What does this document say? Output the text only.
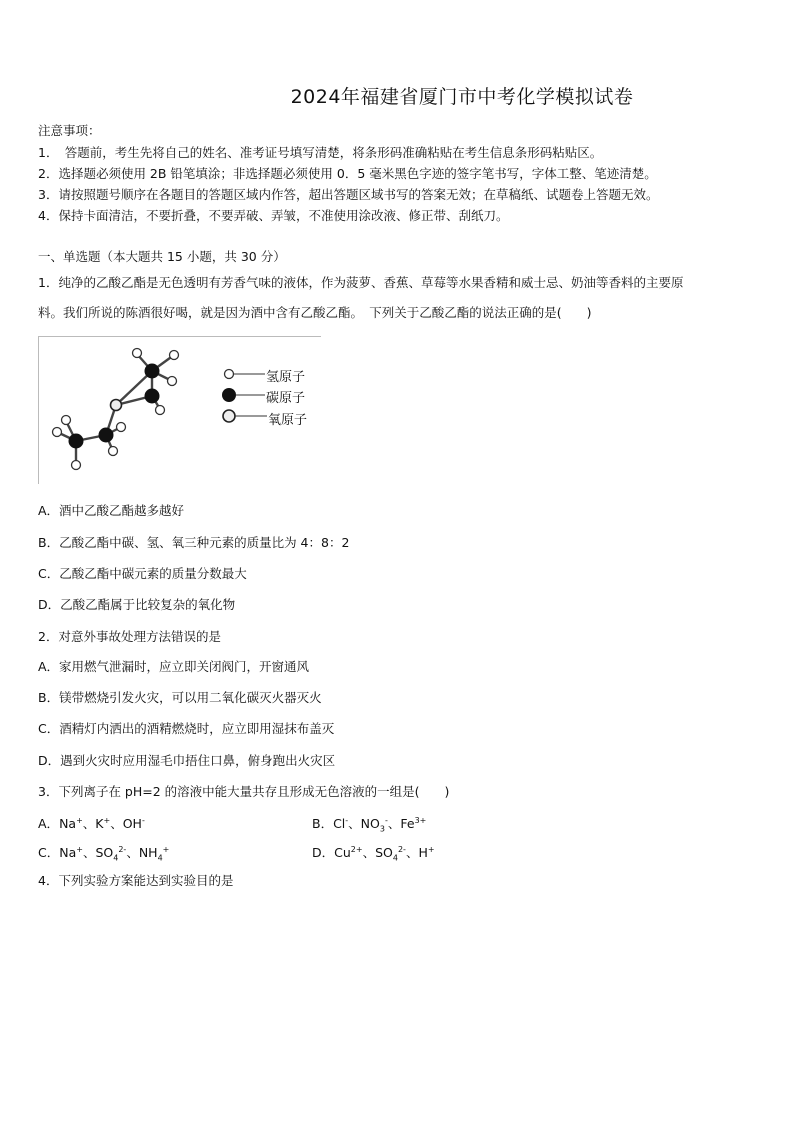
2024年福建省厦门市中考化学模拟试卷
注意事项：
1．　答题前，考生先将自己的姓名、准考证号填写清楚，将条形码准确粘贴在考生信息条形码粘贴区。
2．选择题必须使用 2B 铅笔填涂；非选择题必须使用 0．5 毫米黑色字迹的签字笔书写，字体工整、笔迹清楚。
3．请按照题号顺序在各题目的答题区域内作答，超出答题区域书写的答案无效；在草稿纸、试题卷上答题无效。
4．保持卡面清洁，不要折叠，不要弄破、弄皱，不准使用涂改液、修正带、刮纸刀。
一、单选题（本大题共 15 小题，共 30 分）
1．纯净的乙酸乙酯是无色透明有芳香气味的液体，作为菠萝、香蕉、草莓等水果香精和威士忌、奶油等香料的主要原
料。我们所说的陈酒很好喝，就是因为酒中含有乙酸乙酯。　下列关于乙酸乙酯的说法正确的是(　　)
氢原子
碳原子
氧原子
A．酒中乙酸乙酯越多越好
B．乙酸乙酯中碳、氢、氧三种元素的质量比为 4：8：2
C．乙酸乙酯中碳元素的质量分数最大
D．乙酸乙酯属于比较复杂的氧化物
2．对意外事故处理方法错误的是
A．家用燃气泄漏时，应立即关闭阀门，开窗通风
B．镁带燃烧引发火灾，可以用二氧化碳灭火器灭火
C．酒精灯内洒出的酒精燃烧时，应立即用湿抹布盖灭
D．遇到火灾时应用湿毛巾捂住口鼻，俯身跑出火灾区
3．下列离子在 pH=2 的溶液中能大量共存且形成无色溶液的一组是(　　)
A．Na+、K+、OH-	B．Cl-、$NO_3^-$、$Fe^{3+}$
C．Na+、$SO_4^{2-}$、$NH_4^+$	D．$Cu^{2+}$、$SO_4^{2-}$、H+
4．下列实验方案能达到实验目的是
